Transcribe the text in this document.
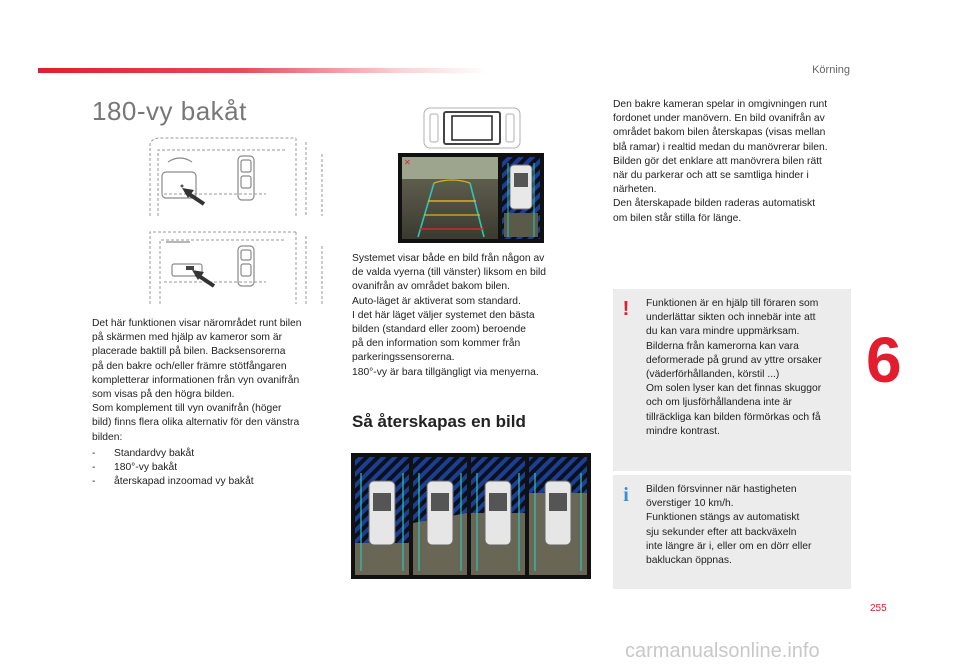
Körning
6
255
180-vy bakåt
✕

Det här funktionen visar närområdet runt bilen
på skärmen med hjälp av kameror som är
placerade baktill på bilen. Backsensorerna
på den bakre och/eller främre stötfångaren
kompletterar informationen från vyn ovanifrån
som visas på den högra bilden.
Som komplement till vyn ovanifrån (höger
bild) finns flera olika alternativ för den vänstra
bilden:

- Standardvy bakåt
- 180°-vy bakåt
- återskapad inzoomad vy bakåt

Systemet visar både en bild från någon av
de valda vyerna (till vänster) liksom en bild
ovanifrån av området bakom bilen.
Auto-läget är aktiverat som standard.
I det här läget väljer systemet den bästa
bilden (standard eller zoom) beroende
på den information som kommer från
parkeringssensorerna.
180°-vy är bara tillgängligt via menyerna.

Så återskapas en bild

Den bakre kameran spelar in omgivningen runt
fordonet under manövern. En bild ovanifrån av
området bakom bilen återskapas (visas mellan
blå ramar) i realtid medan du manövrerar bilen.
Bilden gör det enklare att manövrera bilen rätt
när du parkerar och att se samtliga hinder i
närheten.
Den återskapade bilden raderas automatiskt
om bilen står stilla för länge.

! Funktionen är en hjälp till föraren som
underlättar sikten och innebär inte att
du kan vara mindre uppmärksam.
Bilderna från kamerorna kan vara
deformerade på grund av yttre orsaker
(väderförhållanden, körstil ...)
Om solen lyser kan det finnas skuggor
och om ljusförhållandena inte är
tillräckliga kan bilden förmörkas och få
mindre kontrast.
i Bilden försvinner när hastigheten
överstiger 10 km/h.
Funktionen stängs av automatiskt
sju sekunder efter att backväxeln
inte längre är i, eller om en dörr eller
bakluckan öppnas.
carmanualsonline.info
